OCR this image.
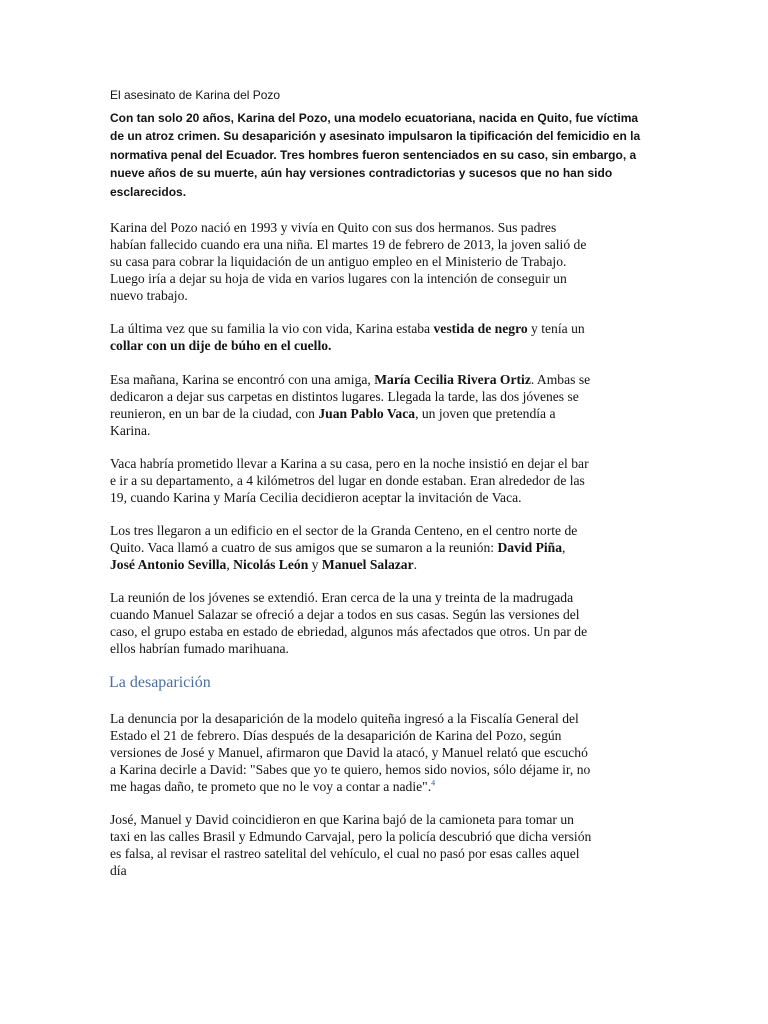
El asesinato de Karina del Pozo
Con tan solo 20 años, Karina del Pozo, una modelo ecuatoriana, nacida en Quito, fue víctima
de un atroz crimen. Su desaparición y asesinato impulsaron la tipificación del femicidio en la
normativa penal del Ecuador. Tres hombres fueron sentenciados en su caso, sin embargo, a
nueve años de su muerte, aún hay versiones contradictorias y sucesos que no han sido
esclarecidos.
Karina del Pozo nació en 1993 y vivía en Quito con sus dos hermanos. Sus padres
habían fallecido cuando era una niña. El martes 19 de febrero de 2013, la joven salió de
su casa para cobrar la liquidación de un antiguo empleo en el Ministerio de Trabajo.
Luego iría a dejar su hoja de vida en varios lugares con la intención de conseguir un
nuevo trabajo.
La última vez que su familia la vio con vida, Karina estaba vestida de negro y tenía un
collar con un dije de búho en el cuello.
Esa mañana, Karina se encontró con una amiga, María Cecilia Rivera Ortiz. Ambas se
dedicaron a dejar sus carpetas en distintos lugares. Llegada la tarde, las dos jóvenes se
reunieron, en un bar de la ciudad, con Juan Pablo Vaca, un joven que pretendía a
Karina.
Vaca habría prometido llevar a Karina a su casa, pero en la noche insistió en dejar el bar
e ir a su departamento, a 4 kilómetros del lugar en donde estaban. Eran alrededor de las
19, cuando Karina y María Cecilia decidieron aceptar la invitación de Vaca.
Los tres llegaron a un edificio en el sector de la Granda Centeno, en el centro norte de
Quito. Vaca llamó a cuatro de sus amigos que se sumaron a la reunión: David Piña,
José Antonio Sevilla, Nicolás León y Manuel Salazar.
La reunión de los jóvenes se extendió. Eran cerca de la una y treinta de la madrugada
cuando Manuel Salazar se ofreció a dejar a todos en sus casas. Según las versiones del
caso, el grupo estaba en estado de ebriedad, algunos más afectados que otros. Un par de
ellos habrían fumado marihuana.
La desaparición
La denuncia por la desaparición de la modelo quiteña ingresó a la Fiscalía General del
Estado el 21 de febrero. Días después de la desaparición de Karina del Pozo, según
versiones de José y Manuel, afirmaron que David la atacó, y Manuel relató que escuchó
a Karina decirle a David: "Sabes que yo te quiero, hemos sido novios, sólo déjame ir, no
me hagas daño, te prometo que no le voy a contar a nadie".$^4$
José, Manuel y David coincidieron en que Karina bajó de la camioneta para tomar un
taxi en las calles Brasil y Edmundo Carvajal, pero la policía descubrió que dicha versión
es falsa, al revisar el rastreo satelital del vehículo, el cual no pasó por esas calles aquel
día
